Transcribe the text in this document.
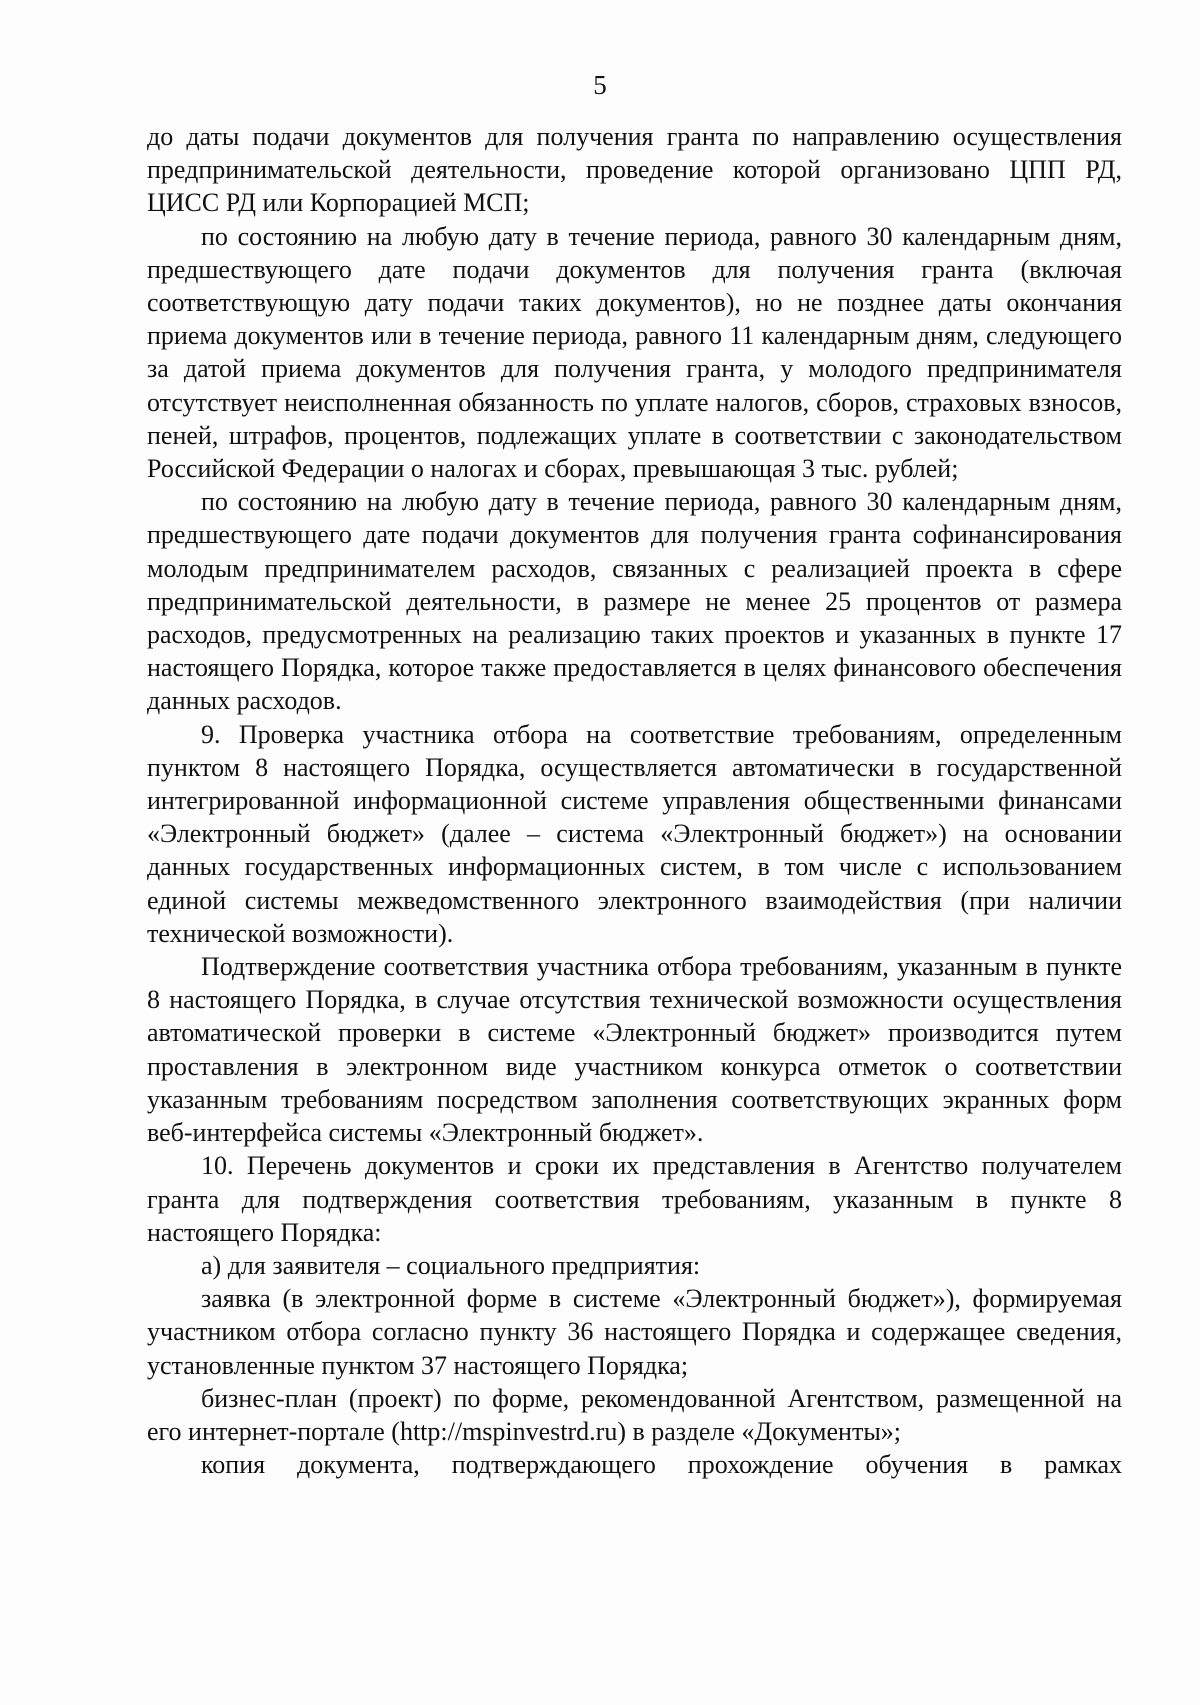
5

до даты подачи документов для получения гранта по направлению осуществления предпринимательской деятельности, проведение которой организовано ЦПП РД, ЦИСС РД или Корпорацией МСП;

по состоянию на любую дату в течение периода, равного 30 календарным дням, предшествующего дате подачи документов для получения гранта (включая соответствующую дату подачи таких документов), но не позднее даты окончания приема документов или в течение периода, равного 11 календарным дням, следующего за датой приема документов для получения гранта, у молодого предпринимателя отсутствует неисполненная обязанность по уплате налогов, сборов, страховых взносов, пеней, штрафов, процентов, подлежащих уплате в соответствии с законодательством Российской Федерации о налогах и сборах, превышающая 3 тыс. рублей;

по состоянию на любую дату в течение периода, равного 30 календарным дням, предшествующего дате подачи документов для получения гранта софинансирования молодым предпринимателем расходов, связанных с реализацией проекта в сфере предпринимательской деятельности, в размере не менее 25 процентов от размера расходов, предусмотренных на реализацию таких проектов и указанных в пункте 17 настоящего Порядка, которое также предоставляется в целях финансового обеспечения данных расходов.

9. Проверка участника отбора на соответствие требованиям, определенным пунктом 8 настоящего Порядка, осуществляется автоматически в государственной интегрированной информационной системе управления общественными финансами «Электронный бюджет» (далее – система «Электронный бюджет») на основании данных государственных информационных систем, в том числе с использованием единой системы межведомственного электронного взаимодействия (при наличии технической возможности).

Подтверждение соответствия участника отбора требованиям, указанным в пункте 8 настоящего Порядка, в случае отсутствия технической возможности осуществления автоматической проверки в системе «Электронный бюджет» производится путем проставления в электронном виде участником конкурса отметок о соответствии указанным требованиям посредством заполнения соответствующих экранных форм веб-интерфейса системы «Электронный бюджет».

10. Перечень документов и сроки их представления в Агентство получателем гранта для подтверждения соответствия требованиям, указанным в пункте 8 настоящего Порядка:

а) для заявителя – социального предприятия:

заявка (в электронной форме в системе «Электронный бюджет»), формируемая участником отбора согласно пункту 36 настоящего Порядка и содержащее сведения, установленные пунктом 37 настоящего Порядка;

бизнес-план (проект) по форме, рекомендованной Агентством, размещенной на его интернет-портале (http://mspinvestrd.ru) в разделе «Документы»;

копия документа, подтверждающего прохождение обучения в рамках
